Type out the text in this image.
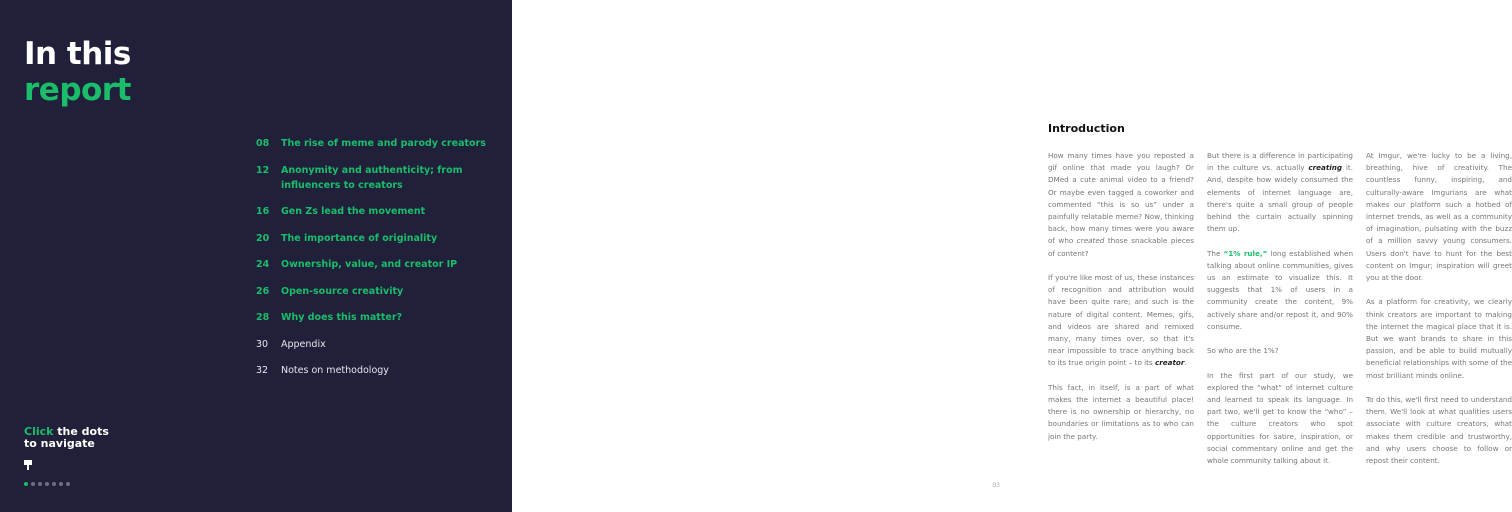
In this
report
08	The rise of meme and parody creators
12	Anonymity and authenticity; from influencers to creators
16	Gen Zs lead the movement
20	The importance of originality
24	Ownership, value, and creator IP
26	Open-source creativity
28	Why does this matter?
30	Appendix
32	Notes on methodology
Click the dots
to navigate
Introduction

How many times have you reposted a gif online that made you laugh? Or DMed a cute animal video to a friend? Or maybe even tagged a coworker and commented “this is so us” under a painfully relatable meme? Now, thinking back, how many times were you aware of who created those snackable pieces of content?

If you're like most of us, these instances of recognition and attribution would have been quite rare; and such is the nature of digital content. Memes, gifs, and videos are shared and remixed many, many times over, so that it's near impossible to trace anything back to its true origin point – to its creator.

This fact, in itself, is a part of what makes the internet a beautiful place! there is no ownership or hierarchy, no boundaries or limitations as to who can join the party.

But there is a difference in participating in the culture vs. actually creating it. And, despite how widely consumed the elements of internet language are, there's quite a small group of people behind the curtain actually spinning them up.

The “1% rule,” long established when talking about online communities, gives us an estimate to visualize this. It suggests that 1% of users in a community create the content, 9% actively share and/or repost it, and 90% consume.

So who are the 1%?

In the first part of our study, we explored the “what” of internet culture and learned to speak its language. In part two, we'll get to know the “who” – the culture creators who spot opportunities for satire, inspiration, or social commentary online and get the whole community talking about it.

At Imgur, we're lucky to be a living, breathing, hive of creativity. The countless funny, inspiring, and culturally-aware Imgurians are what makes our platform such a hotbed of internet trends, as well as a community of imagination, pulsating with the buzz of a million savvy young consumers. Users don't have to hunt for the best content on Imgur; inspiration will greet you at the door.

As a platform for creativity, we clearly think creators are important to making the internet the magical place that it is. But we want brands to share in this passion, and be able to build mutually beneficial relationships with some of the most brilliant minds online.

To do this, we'll first need to understand them. We'll look at what qualities users associate with culture creators, what makes them credible and trustworthy, and why users choose to follow or repost their content.

03
